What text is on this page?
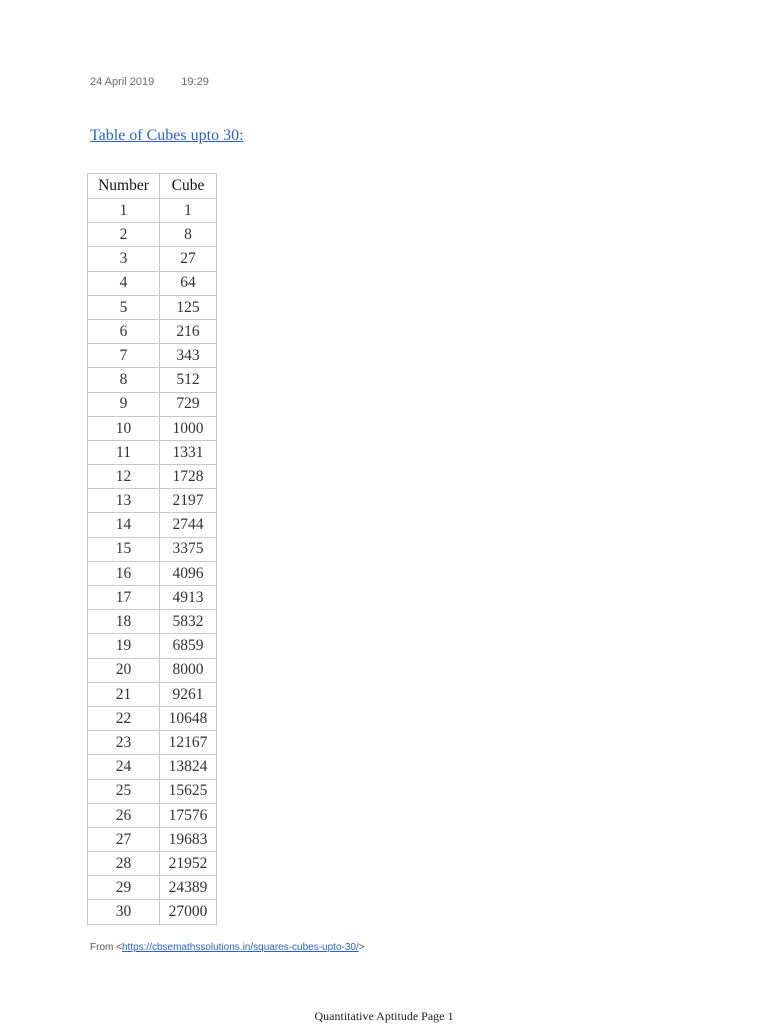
24 April 2019 19:29
Table of Cubes upto 30:
Number	Cube
1	1
2	8
3	27
4	64
5	125
6	216
7	343
8	512
9	729
10	1000
11	1331
12	1728
13	2197
14	2744
15	3375
16	4096
17	4913
18	5832
19	6859
20	8000
21	9261
22	10648
23	12167
24	13824
25	15625
26	17576
27	19683
28	21952
29	24389
30	27000
From <https://cbsemathssolutions.in/squares-cubes-upto-30/>
Quantitative Aptitude Page 1
